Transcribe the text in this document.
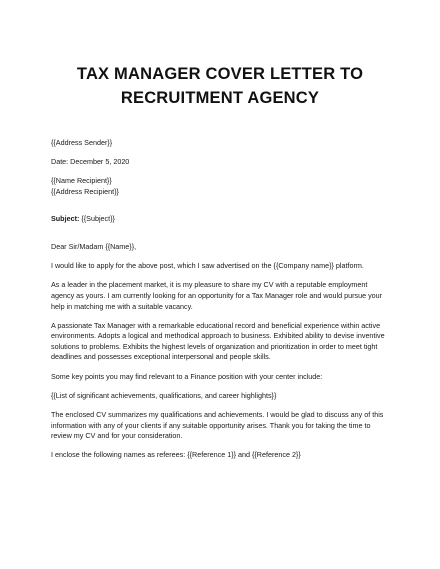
TAX MANAGER COVER LETTER TO
RECRUITMENT AGENCY

{{Address Sender}}

Date: December 5, 2020

{{Name Recipient}}
{{Address Recipient}}

Subject: {{Subject}}

Dear Sir/Madam {{Name}},

I would like to apply for the above post, which I saw advertised on the {{Company name}} platform.

As a leader in the placement market, it is my pleasure to share my CV with a reputable employment agency as yours. I am currently looking for an opportunity for a Tax Manager role and would pursue your help in matching me with a suitable vacancy.

A passionate Tax Manager with a remarkable educational record and beneficial experience within active environments. Adopts a logical and methodical approach to business. Exhibited ability to devise inventive solutions to problems. Exhibits the highest levels of organization and prioritization in order to meet tight deadlines and possesses exceptional interpersonal and people skills.

Some key points you may find relevant to a Finance position with your center include:

{{List of significant achievements, qualifications, and career highlights}}

The enclosed CV summarizes my qualifications and achievements. I would be glad to discuss any of this information with any of your clients if any suitable opportunity arises. Thank you for taking the time to review my CV and for your consideration.

I enclose the following names as referees: {{Reference 1}} and {{Reference 2}}
